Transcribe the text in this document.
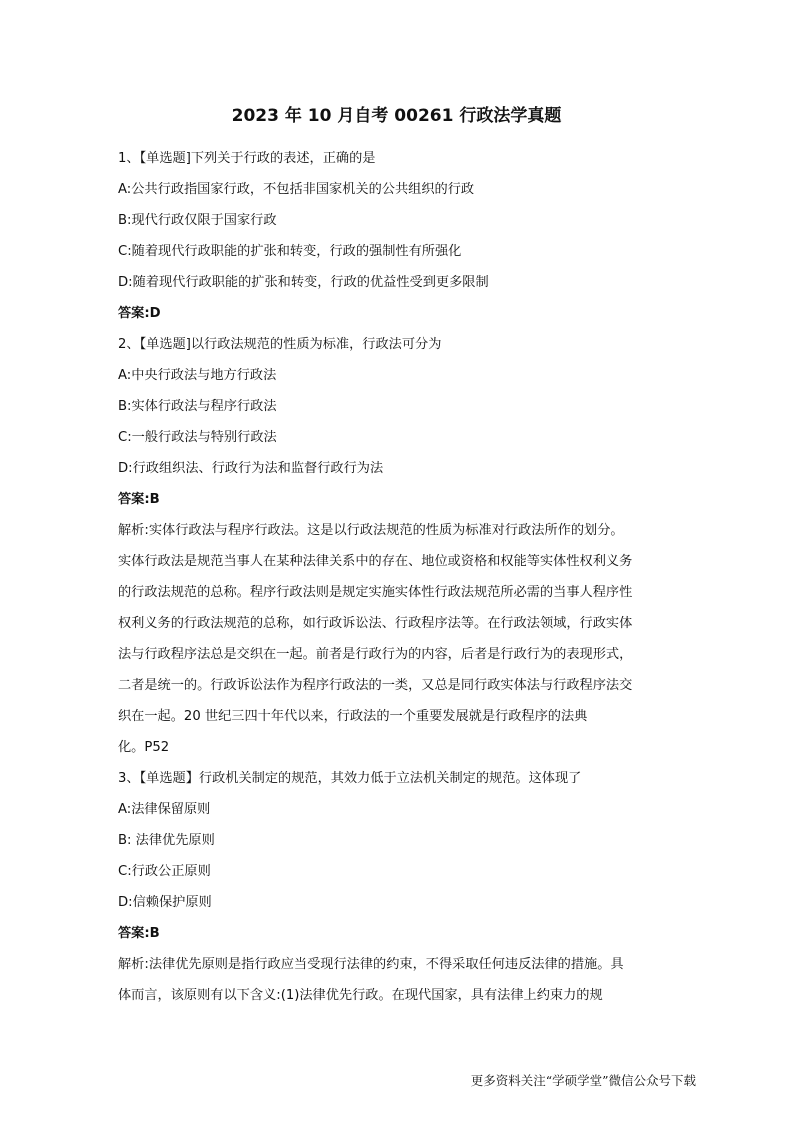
2023 年 10 月自考 00261 行政法学真题
1、【单选题]下列关于行政的表述，正确的是
A:公共行政指国家行政，不包括非国家机关的公共组织的行政
B:现代行政仅限于国家行政
C:随着现代行政职能的扩张和转变，行政的强制性有所强化
D:随着现代行政职能的扩张和转变，行政的优益性受到更多限制
答案:D
2、【单选题]以行政法规范的性质为标准，行政法可分为
A:中央行政法与地方行政法
B:实体行政法与程序行政法
C:一般行政法与特别行政法
D:行政组织法、行政行为法和监督行政行为法
答案:B
解析:实体行政法与程序行政法。这是以行政法规范的性质为标准对行政法所作的划分。
实体行政法是规范当事人在某种法律关系中的存在、地位或资格和权能等实体性权利义务
的行政法规范的总称。程序行政法则是规定实施实体性行政法规范所必需的当事人程序性
权利义务的行政法规范的总称，如行政诉讼法、行政程序法等。在行政法领域，行政实体
法与行政程序法总是交织在一起。前者是行政行为的内容，后者是行政行为的表现形式，
二者是统一的。行政诉讼法作为程序行政法的一类，又总是同行政实体法与行政程序法交
织在一起。20 世纪三四十年代以来，行政法的一个重要发展就是行政程序的法典
化。P52
3、【单选题】行政机关制定的规范，其效力低于立法机关制定的规范。这体现了
A:法律保留原则
B: 法律优先原则
C:行政公正原则
D:信赖保护原则
答案:B
解析:法律优先原则是指行政应当受现行法律的约束，不得采取任何违反法律的措施。具
体而言，该原则有以下含义:(1)法律优先行政。在现代国家，具有法律上约束力的规
更多资料关注“学硕学堂”微信公众号下载
